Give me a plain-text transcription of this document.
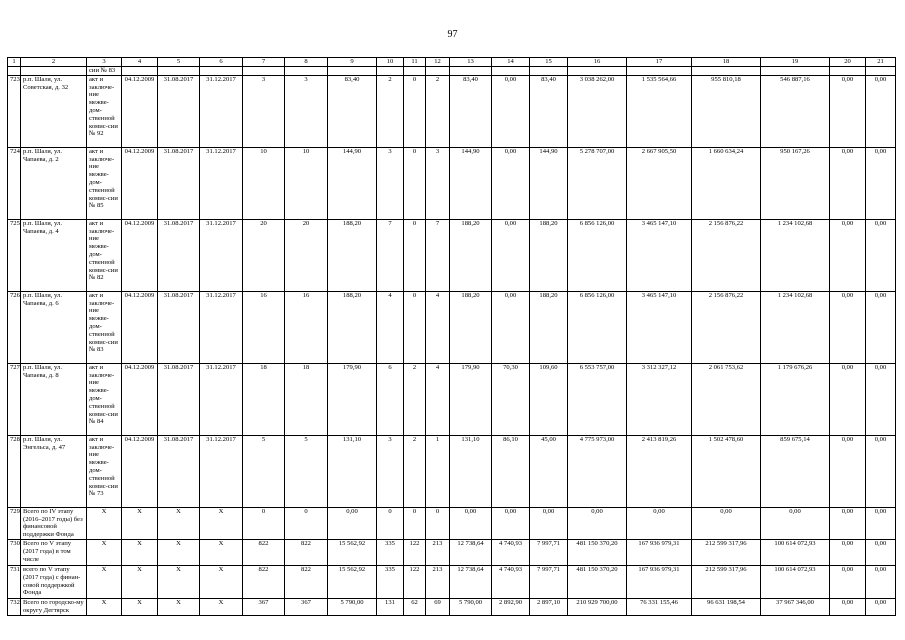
97
1	2	3	4	5	6	7	8	9	10	11	12	13	14	15	16	17	18	19	20	21
		сии № 83																		
723	р.п. Шаля, ул. Советская, д. 32	акт и заключе-ние межве-дом-ственной комис-сии № 92	04.12.2009	31.08.2017	31.12.2017	3	3	83,40	2	0	2	83,40	0,00	83,40	3 038 262,00	1 535 564,66	955 810,18	546 887,16	0,00	0,00
724	р.п. Шаля, ул. Чапаева, д. 2	акт и заключе-ние межве-дом-ственной комис-сии № 85	04.12.2009	31.08.2017	31.12.2017	10	10	144,90	3	0	3	144,90	0,00	144,90	5 278 707,00	2 667 905,50	1 660 634,24	950 167,26	0,00	0,00
725	р.п. Шаля, ул. Чапаева, д. 4	акт и заключе-ние межве-дом-ственной комис-сии № 82	04.12.2009	31.08.2017	31.12.2017	20	20	188,20	7	0	7	188,20	0,00	188,20	6 856 126,00	3 465 147,10	2 156 876,22	1 234 102,68	0,00	0,00
726	р.п. Шаля, ул. Чапаева, д. 6	акт и заключе-ние межве-дом-ственной комис-сии № 83	04.12.2009	31.08.2017	31.12.2017	16	16	188,20	4	0	4	188,20	0,00	188,20	6 856 126,00	3 465 147,10	2 156 876,22	1 234 102,68	0,00	0,00
727	р.п. Шаля, ул. Чапаева, д. 8	акт и заключе-ние межве-дом-ственной комис-сии № 84	04.12.2009	31.08.2017	31.12.2017	18	18	179,90	6	2	4	179,90	70,30	109,60	6 553 757,00	3 312 327,12	2 061 753,62	1 179 676,26	0,00	0,00
728	р.п. Шаля, ул. Энгельса, д. 47	акт и заключе-ние межве-дом-ственной комис-сии № 73	04.12.2009	31.08.2017	31.12.2017	5	5	131,10	3	2	1	131,10	86,10	45,00	4 775 973,00	2 413 819,26	1 502 478,60	859 675,14	0,00	0,00
729	Всего по IV этапу (2016–2017 годы) без финансовой поддержки Фонда	X	X	X	X	0	0	0,00	0	0	0	0,00	0,00	0,00	0,00	0,00	0,00	0,00	0,00	0,00
730	Всего по V этапу (2017 года) в том числе	X	X	X	X	822	822	15 562,92	335	122	213	12 738,64	4 740,93	7 997,71	481 150 370,20	167 936 979,31	212 599 317,96	100 614 072,93	0,00	0,00
731	всего по V этапу (2017 года) с финан-совой поддержкой Фонда	X	X	X	X	822	822	15 562,92	335	122	213	12 738,64	4 740,93	7 997,71	481 150 370,20	167 936 979,31	212 599 317,96	100 614 072,93	0,00	0,00
732	Всего по городско-му округу Дегтярск	X	X	X	X	367	367	5 790,00	131	62	69	5 790,00	2 892,90	2 897,10	210 929 700,00	76 331 155,46	96 631 198,54	37 967 346,00	0,00	0,00
